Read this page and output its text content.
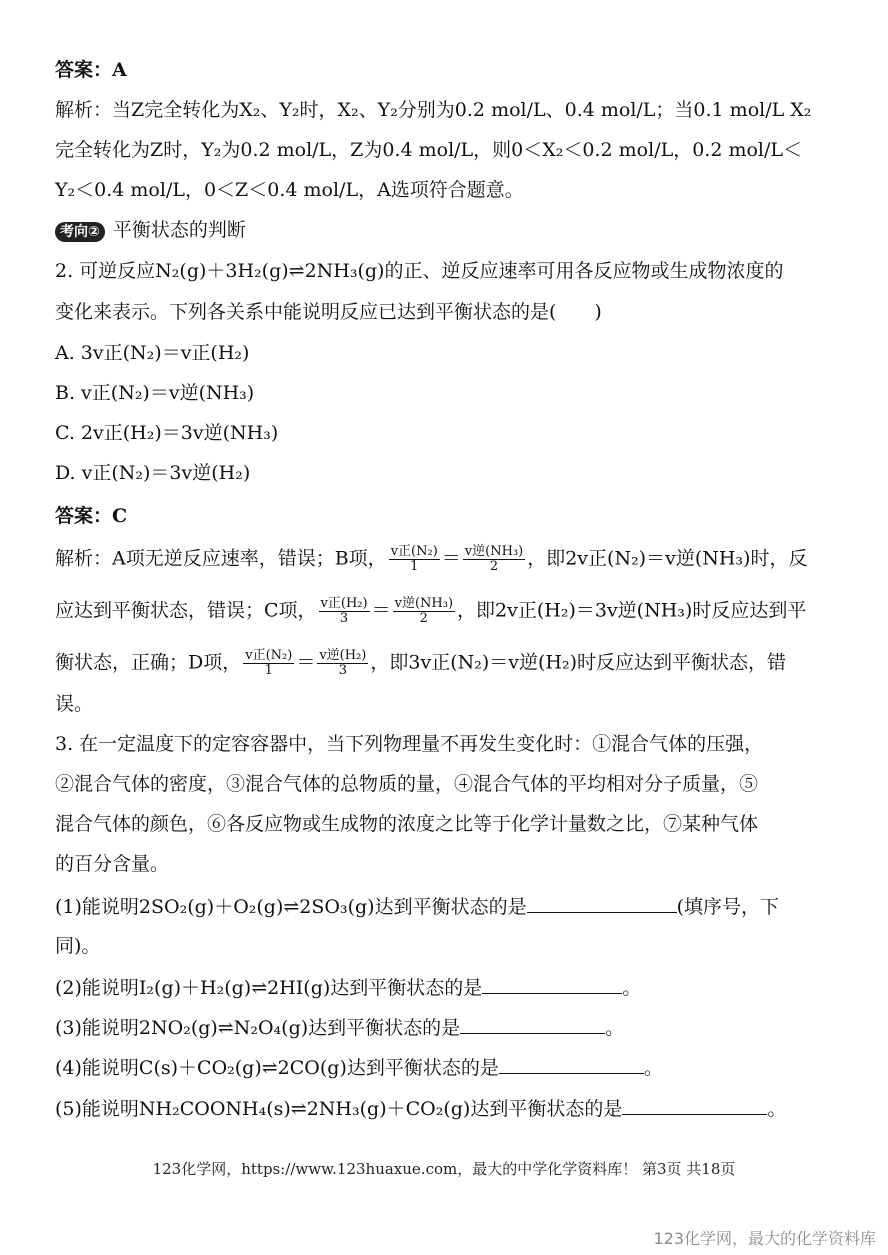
答案：A
解析：当Z完全转化为X₂、Y₂时，X₂、Y₂分别为0.2 mol/L、0.4 mol/L；当0.1 mol/L X₂
完全转化为Z时，Y₂为0.2 mol/L，Z为0.4 mol/L，则0＜X₂＜0.2 mol/L，0.2 mol/L＜
Y₂＜0.4 mol/L，0＜Z＜0.4 mol/L，A选项符合题意。
考向② 平衡状态的判断
2. 可逆反应N₂(g)＋3H₂(g)⇌2NH₃(g)的正、逆反应速率可用各反应物或生成物浓度的
变化来表示。下列各关系中能说明反应已达到平衡状态的是(　　)
A. 3v正(N₂)＝v正(H₂)
B. v正(N₂)＝v逆(NH₃)
C. 2v正(H₂)＝3v逆(NH₃)
D. v正(N₂)＝3v逆(H₂)
答案：C
解析：A项无逆反应速率，错误；B项， $\frac{\text{v正(N₂)}}{1} = \frac{\text{v逆(NH₃)}}{2}$ ，即2v正(N₂)＝v逆(NH₃)时，反
应达到平衡状态，错误；C项， $\frac{\text{v正(H₂)}}{3} = \frac{\text{v逆(NH₃)}}{2}$ ，即2v正(H₂)＝3v逆(NH₃)时反应达到平
衡状态，正确；D项， $\frac{\text{v正(N₂)}}{1} = \frac{\text{v逆(H₂)}}{3}$ ，即3v正(N₂)＝v逆(H₂)时反应达到平衡状态，错
误。
3. 在一定温度下的定容容器中，当下列物理量不再发生变化时：①混合气体的压强，
②混合气体的密度，③混合气体的总物质的量，④混合气体的平均相对分子质量，⑤
混合气体的颜色，⑥各反应物或生成物的浓度之比等于化学计量数之比，⑦某种气体
的百分含量。
(1)能说明2SO₂(g)＋O₂(g)⇌2SO₃(g)达到平衡状态的是	(填序号，下
同)。
(2)能说明I₂(g)＋H₂(g)⇌2HI(g)达到平衡状态的是	。
(3)能说明2NO₂(g)⇌N₂O₄(g)达到平衡状态的是	。
(4)能说明C(s)＋CO₂(g)⇌2CO(g)达到平衡状态的是	。
(5)能说明NH₂COONH₄(s)⇌2NH₃(g)＋CO₂(g)达到平衡状态的是	。
123化学网，https://www.123huaxue.com，最大的中学化学资料库！ 第3页 共18页
123化学网，最大的化学资料库
